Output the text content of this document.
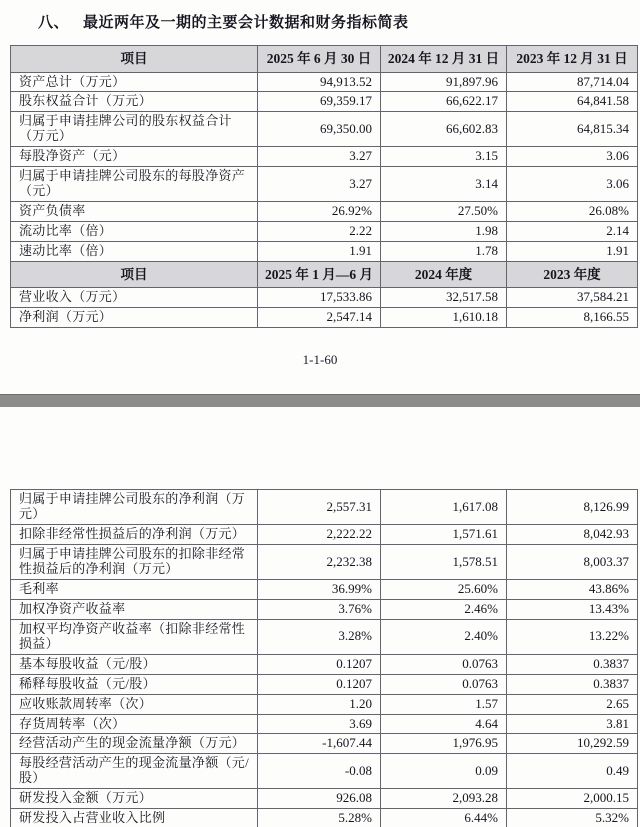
八、 最近两年及一期的主要会计数据和财务指标简表
项目	2025 年 6 月 30 日	2024 年 12 月 31 日	2023 年 12 月 31 日
资产总计（万元）	94,913.52	91,897.96	87,714.04
股东权益合计（万元）	69,359.17	66,622.17	64,841.58
归属于申请挂牌公司的股东权益合计（万元）	69,350.00	66,602.83	64,815.34
每股净资产（元）	3.27	3.15	3.06
归属于申请挂牌公司股东的每股净资产（元）	3.27	3.14	3.06
资产负债率	26.92%	27.50%	26.08%
流动比率（倍）	2.22	1.98	2.14
速动比率（倍）	1.91	1.78	1.91
项目	2025 年 1 月—6 月	2024 年度	2023 年度
营业收入（万元）	17,533.86	32,517.58	37,584.21
净利润（万元）	2,547.14	1,610.18	8,166.55
1-1-60
归属于申请挂牌公司股东的净利润（万元）	2,557.31	1,617.08	8,126.99
扣除非经常性损益后的净利润（万元）	2,222.22	1,571.61	8,042.93
归属于申请挂牌公司股东的扣除非经常性损益后的净利润（万元）	2,232.38	1,578.51	8,003.37
毛利率	36.99%	25.60%	43.86%
加权净资产收益率	3.76%	2.46%	13.43%
加权平均净资产收益率（扣除非经常性损益）	3.28%	2.40%	13.22%
基本每股收益（元/股）	0.1207	0.0763	0.3837
稀释每股收益（元/股）	0.1207	0.0763	0.3837
应收账款周转率（次）	1.20	1.57	2.65
存货周转率（次）	3.69	4.64	3.81
经营活动产生的现金流量净额（万元）	-1,607.44	1,976.95	10,292.59
每股经营活动产生的现金流量净额（元/股）	-0.08	0.09	0.49
研发投入金额（万元）	926.08	2,093.28	2,000.15
研发投入占营业收入比例	5.28%	6.44%	5.32%
